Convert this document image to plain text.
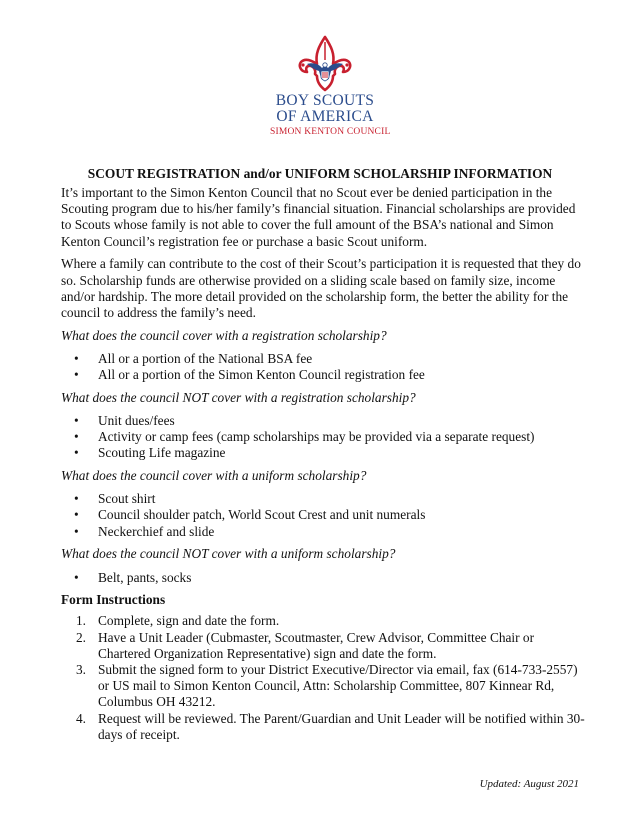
BOY SCOUTS
OF AMERICA
SIMON KENTON COUNCIL
SCOUT REGISTRATION and/or UNIFORM SCHOLARSHIP INFORMATION

It’s important to the Simon Kenton Council that no Scout ever be denied participation in the Scouting program due to his/her family’s financial situation. Financial scholarships are provided to Scouts whose family is not able to cover the full amount of the BSA’s national and Simon Kenton Council’s registration fee or purchase a basic Scout uniform.

Where a family can contribute to the cost of their Scout’s participation it is requested that they do so. Scholarship funds are otherwise provided on a sliding scale based on family size, income and/or hardship. The more detail provided on the scholarship form, the better the ability for the council to address the family’s need.

What does the council cover with a registration scholarship?
• All or a portion of the National BSA fee
• All or a portion of the Simon Kenton Council registration fee
What does the council NOT cover with a registration scholarship?
• Unit dues/fees
• Activity or camp fees (camp scholarships may be provided via a separate request)
• Scouting Life magazine
What does the council cover with a uniform scholarship?
• Scout shirt
• Council shoulder patch, World Scout Crest and unit numerals
• Neckerchief and slide
What does the council NOT cover with a uniform scholarship?
• Belt, pants, socks
Form Instructions
1. Complete, sign and date the form.
2. Have a Unit Leader (Cubmaster, Scoutmaster, Crew Advisor, Committee Chair or Chartered Organization Representative) sign and date the form.
3. Submit the signed form to your District Executive/Director via email, fax (614-733-2557) or US mail to Simon Kenton Council, Attn: Scholarship Committee, 807 Kinnear Rd, Columbus OH 43212.
4. Request will be reviewed. The Parent/Guardian and Unit Leader will be notified within 30-days of receipt.
Updated: August 2021
